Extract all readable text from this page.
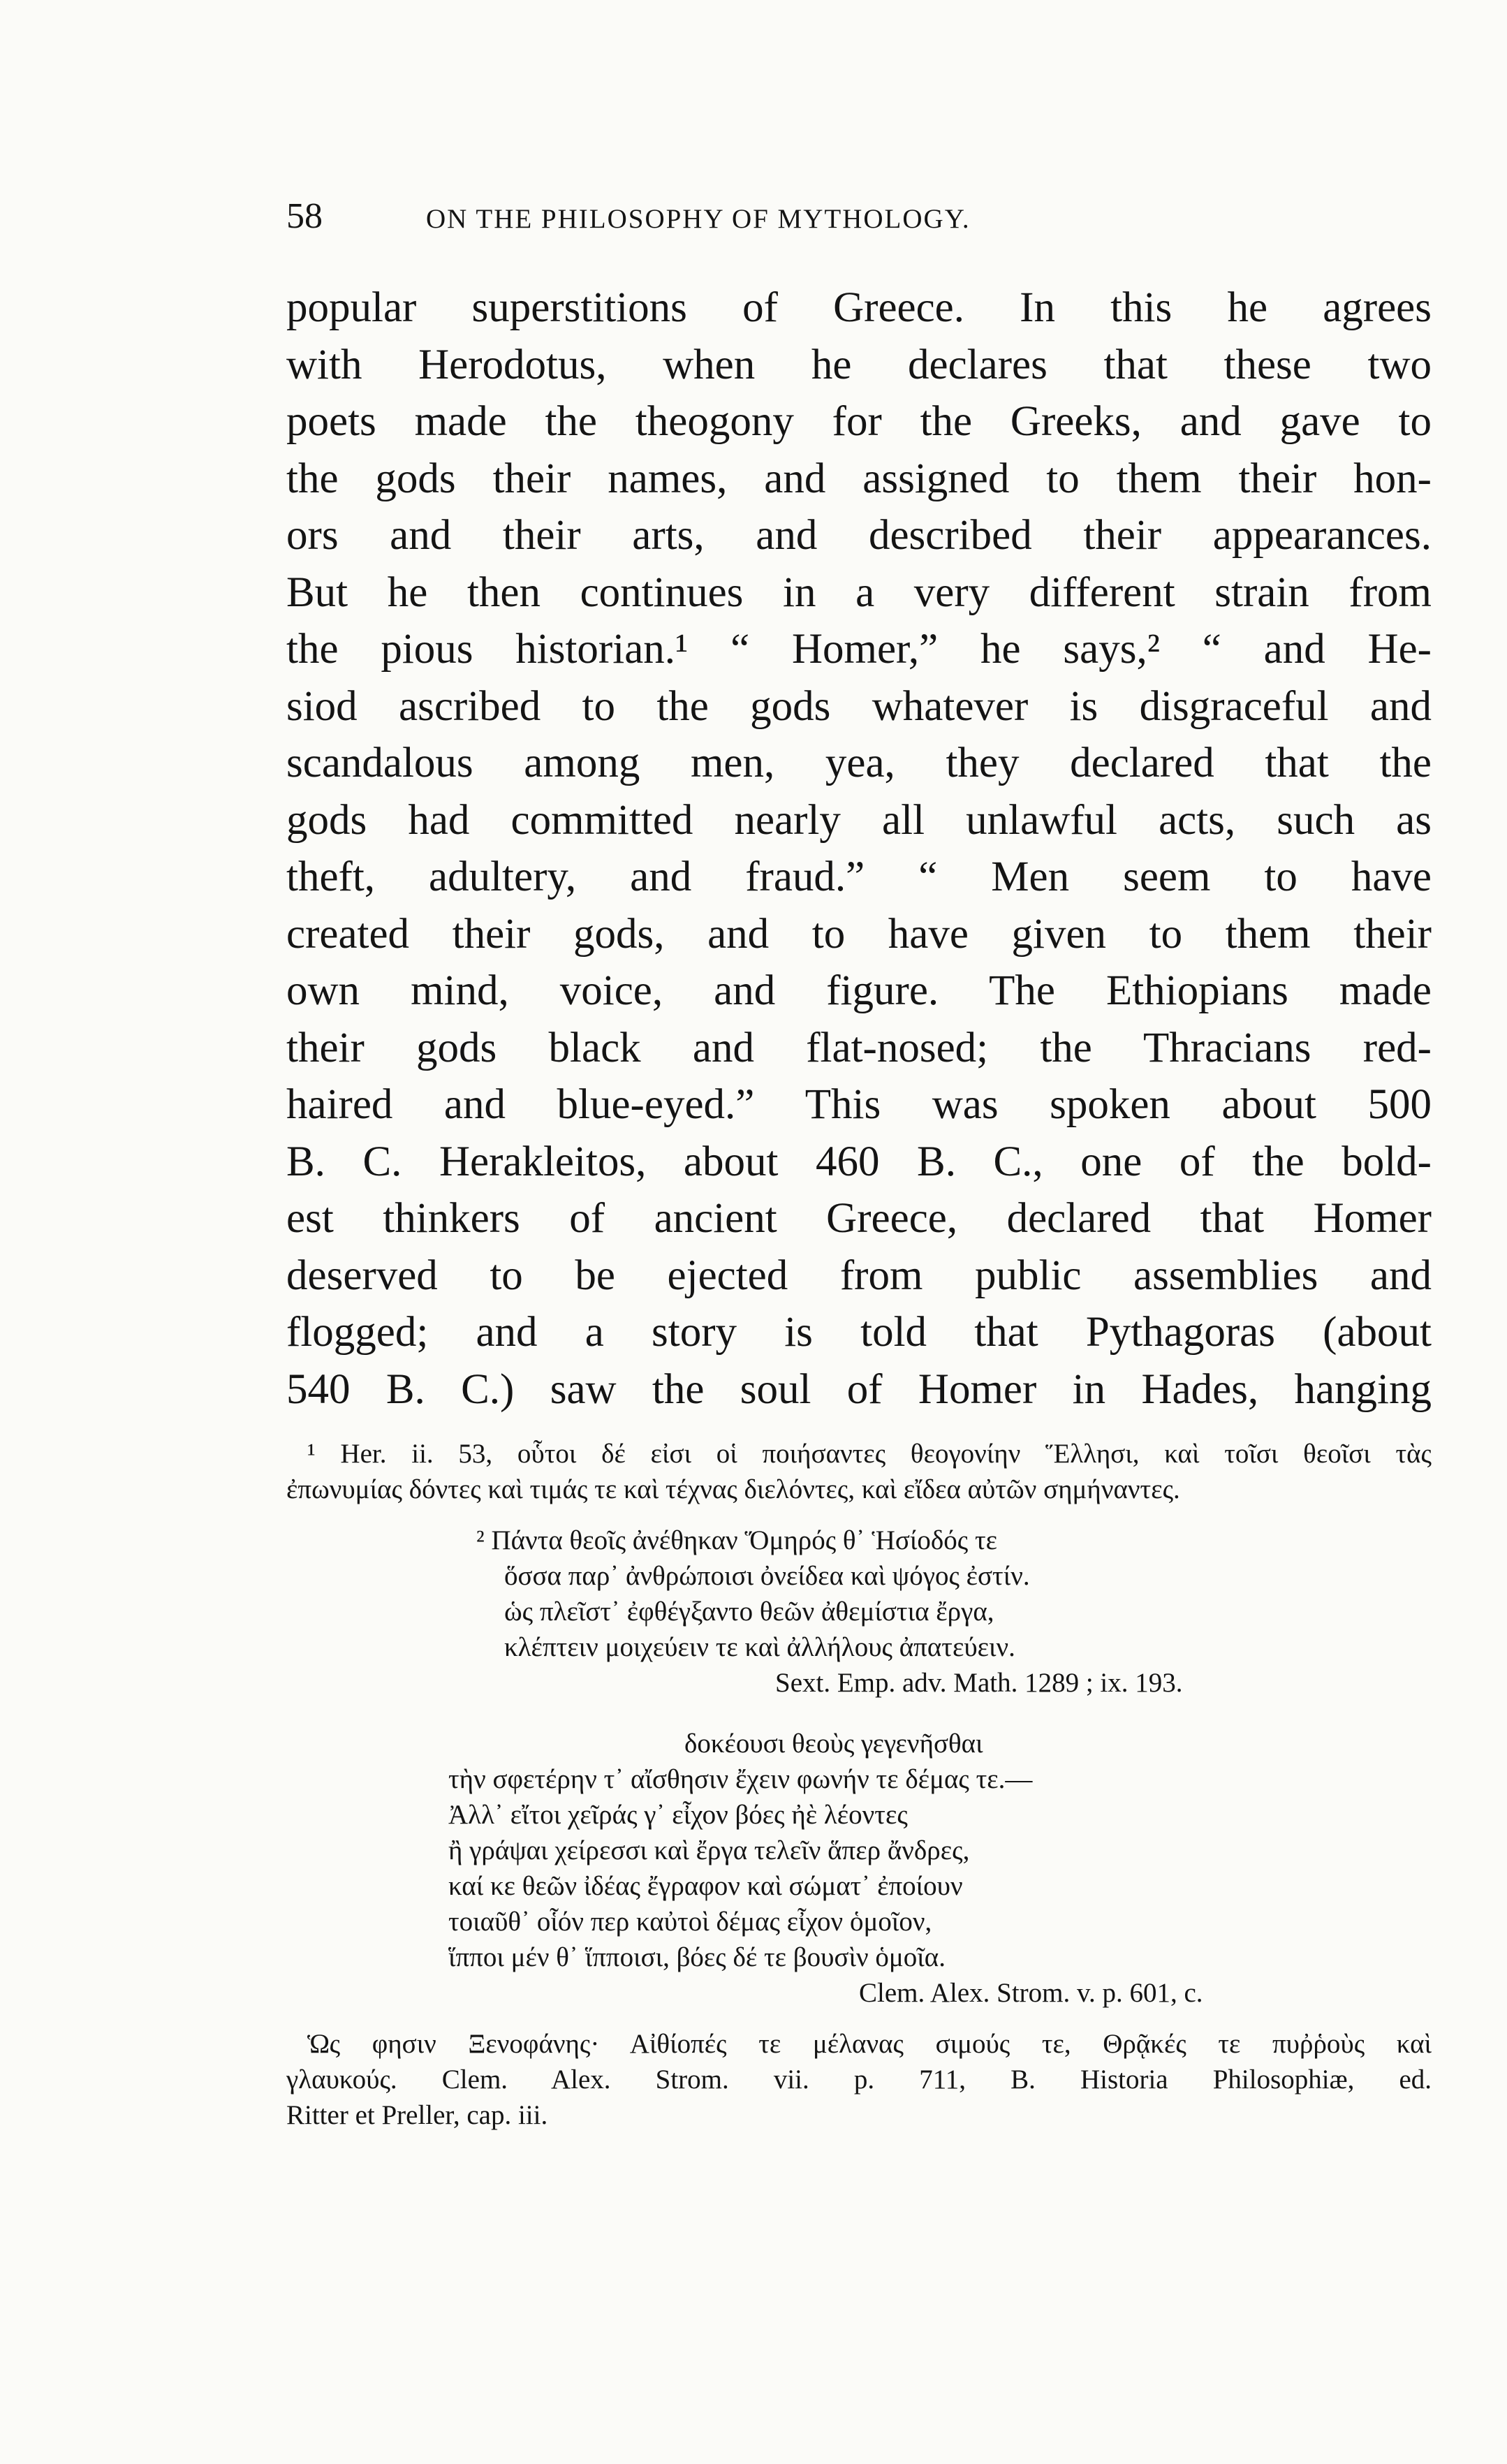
58	ON THE PHILOSOPHY OF MYTHOLOGY.
popular superstitions of Greece. In this he agrees
with Herodotus, when he declares that these two
poets made the theogony for the Greeks, and gave to
the gods their names, and assigned to them their hon-
ors and their arts, and described their appearances.
But he then continues in a very different strain from
the pious historian.¹ “ Homer,” he says,² “ and He-
siod ascribed to the gods whatever is disgraceful and
scandalous among men, yea, they declared that the
gods had committed nearly all unlawful acts, such as
theft, adultery, and fraud.” “ Men seem to have
created their gods, and to have given to them their
own mind, voice, and figure. The Ethiopians made
their gods black and flat-nosed; the Thracians red-
haired and blue-eyed.” This was spoken about 500
B. C. Herakleitos, about 460 B. C., one of the bold-
est thinkers of ancient Greece, declared that Homer
deserved to be ejected from public assemblies and
flogged; and a story is told that Pythagoras (about
540 B. C.) saw the soul of Homer in Hades, hanging
¹ Her. ii. 53, οὗτοι δέ εἰσι οἱ ποιήσαντες θεογονίην Ἕλλησι, καὶ τοῖσι θεοῖσι τὰς
ἐπωνυμίας δόντες καὶ τιμάς τε καὶ τέχνας διελόντες, καὶ εἴδεα αὐτῶν σημήναντες.
² Πάντα θεοῖς ἀνέθηκαν Ὅμηρός θ᾽ Ἡσίοδός τε
ὅσσα παρ᾽ ἀνθρώποισι ὀνείδεα καὶ ψόγος ἐστίν.
ὡς πλεῖστ᾽ ἐφθέγξαντο θεῶν ἀθεμίστια ἔργα,
κλέπτειν μοιχεύειν τε καὶ ἀλλήλους ἀπατεύειν.
Sext. Emp. adv. Math. 1289 ; ix. 193.
δοκέουσι θεοὺς γεγενῆσθαι
τὴν σφετέρην τ᾽ αἴσθησιν ἔχειν φωνήν τε δέμας τε.—
Ἀλλ᾽ εἴτοι χεῖράς γ᾽ εἶχον βόες ἠὲ λέοντες
ἢ γράψαι χείρεσσι καὶ ἔργα τελεῖν ἅπερ ἄνδρες,
καί κε θεῶν ἰδέας ἔγραφον καὶ σώματ᾽ ἐποίουν
τοιαῦθ᾽ οἷόν περ καὐτοὶ δέμας εἶχον ὁμοῖον,
ἵπποι μέν θ᾽ ἵπποισι, βόες δέ τε βουσὶν ὁμοῖα.
Clem. Alex. Strom. v. p. 601, c.
Ὡς φησιν Ξενοφάνης· Αἰθίοπές τε μέλανας σιμούς τε, Θρᾷκές τε πυῤῥοὺς καὶ
γλαυκούς. Clem. Alex. Strom. vii. p. 711, B. Historia Philosophiæ, ed.
Ritter et Preller, cap. iii.
